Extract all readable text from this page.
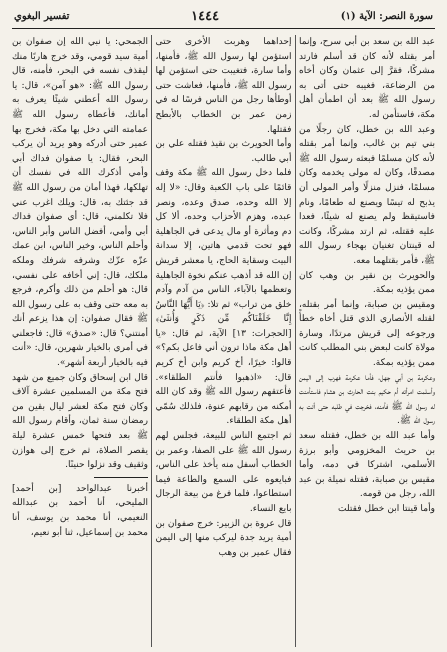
سورة النصر: الآية (١)
١٤٤٤
تفسير البغوي

عبد الله بن سعد بن أبي سرح، وإنما أمر بقتله لأنه كان قد أسلم فارتد مشركًا، فقرَّ إلى عثمان وكان أخاه من الرضاعة، فغيبه حتى أتى به رسول الله ﷺ بعد أن اطمأن أهل مكة، فاستأمن له.

وعبد الله بن خطل، كان رجلًا من بني تيم بن غالب، وإنما أمر بقتله لأنه كان مسلمًا فبعثه رسول الله ﷺ مصدقًا، وكان له مولى يخدمه وكان مسلمًا، فنزل منزلًا وأمر المولى أن يذبح له تيسًا ويصنع له طعامًا، ونام فاستيقظ ولم يصنع له شيئًا، فعدا عليه فقتله، ثم ارتد مشركًا، وكانت له قينتان تغنيان بهجاء رسول الله ﷺ، فأمر بقتلهما معه.

والحويرث بن نقير بن وهب كان ممن يؤذيه بمكة.

ومقيس بن صبابة، وإنما أمر بقتله، لقتله الأنصاري الذي قتل أخاه خطأً ورجوعه إلى قريش مرتدًا، وسارة مولاة كانت لبعض بني المطلب كانت ممن يؤذيه بمكة.

وعكرمة بن أبي جهل، فأما عكرمة فهرب إلى اليمن وأسلمت امرأته أم حكيم بنت الحارث بن هشام فاستأمنت له رسول الله ﷺ فأمنه، فخرجت في طلبه حتى أتت به رسول الله ﷺ.

وأما عبد الله بن خطل، فقتله سعد بن حريث المخزومي وأبو برزة الأسلمي، اشتركا في دمه، وأما مقيس بن صبابة، فقتله نميلة بن عبد الله، رجل من قومه.

وأما قينتا ابن خطل فقتلت

إحداهما وهربت الأخرى حتى استؤمن لها رسول الله ﷺ، فأمنها، وأما سارة، فتغيبت حتى استؤمن لها رسول الله ﷺ، فأمنها، فعاشت حتى أوطأها رجل من الناس فرسًا له في زمن عمر بن الخطاب بالأبطح فقتلها.

وأما الحويرث بن نقيذ فقتله علي بن أبي طالب.

فلما دخل رسول الله ﷺ مكة وقف قائمًا على باب الكعبة وقال: «لا إله إلا الله وحده، صدق وعده، ونصر عبده، وهزم الأحزاب وحده، ألا كل دم ومأثرة أو مال يدعى في الجاهلية فهو تحت قدمي هاتين، إلا سدانة البيت وسقاية الحاج، يا معشر قريش إن الله قد أذهب عنكم نخوة الجاهلية وتعظمها بالآباء، الناس من آدم وآدم خلق من تراب» ثم تلا: ﴿يَا أَيُّهَا النَّاسُ إِنَّا خَلَقْنَاكُم مِّن ذَكَرٍ وَأُنثَىٰ﴾ [الحجرات: ١٣] الآية، ثم قال: «يا أهل مكة ماذا ترون أني فاعل بكم؟» قالوا: خيرًا، أخ كريم وابن أخ كريم قال: «اذهبوا فأنتم الطلقاء». فأعتقهم رسول الله ﷺ وقد كان الله أمكنه من رقابهم عنوة، فلذلك سُمّي أهل مكة الطلقاء.

ثم اجتمع الناس للبيعة، فجلس لهم رسول الله ﷺ على الصفا، وعمر بن الخطاب أسفل منه يأخذ على الناس، فبايعوه على السمع والطاعة فيما استطاعوا، فلما فرغ من بيعة الرجال بايع النساء.

قال عروة بن الزبير: خرج صفوان بن أمية يريد جدة ليركب منها إلى اليمن فقال عمير بن وهب

الجمحي: يا نبي الله إن صفوان بن أمية سيد قومي، وقد خرج هاربًا منك ليقذف نفسه في البحر، فأمنه، قال رسول الله ﷺ: «هو آمن»، قال: يا رسول الله أعطني شيئًا يعرف به أمانك، فأعطاه رسول الله ﷺ عمامته التي دخل بها مكة، فخرج بها عمير حتى أدركه وهو يريد أن يركب البحر، فقال: يا صفوان فداك أبي وأمي أذكرك الله في نفسك أن تهلكها، فهذا أمان من رسول الله ﷺ قد جئتك به، قال: ويلك اغرب عني فلا تكلمني، قال: أي صفوان فداك أبي وأمي، أفضل الناس وأبر الناس، وأحلم الناس، وخير الناس، ابن عمك عزّه عزّك وشرفه شرفك وملكه ملكك، قال: إني أخافه على نفسي، قال: هو أحلم من ذلك وأكرم، فرجع به معه حتى وقف به على رسول الله ﷺ فقال صفوان: إن هذا يزعم أنك أمنتني؟ قال: «صدق» قال: فاجعلني في أمري بالخيار شهرين، قال: «أنت فيه بالخيار أربعة أشهر».

قال ابن إسحاق وكان جميع من شهد فتح مكة من المسلمين عشرة آلاف وكان فتح مكة لعشر ليال بقين من رمضان سنة ثمان، وأقام رسول الله ﷺ بعد فتحها خمس عشرة ليلة يقصر الصلاة، ثم خرج إلى هوازن وثقيف وقد نزلوا حنينًا.

أخبرنا عبدالواحد [بن أحمد] المليحي، أنا أحمد بن عبدالله النعيمي، أنا محمد بن يوسف، أنا محمد بن إسماعيل، ثنا أبو نعيم،
